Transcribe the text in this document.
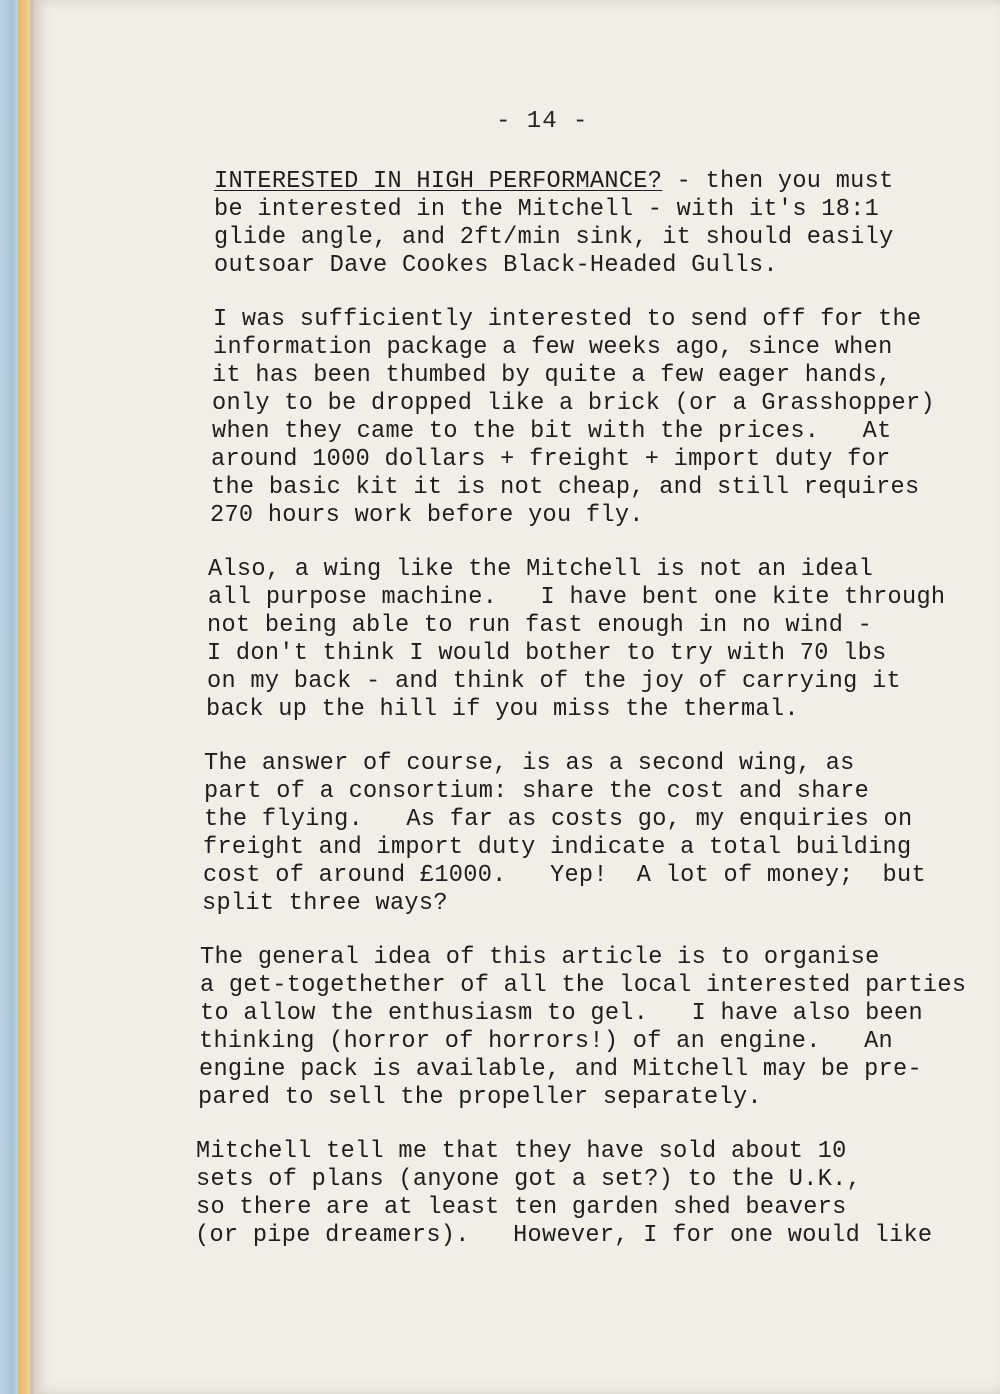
- 14 -
INTERESTED IN HIGH PERFORMANCE? - then you must
be interested in the Mitchell - with it's 18:1
glide angle, and 2ft/min sink, it should easily
outsoar Dave Cookes Black-Headed Gulls.
I was sufficiently interested to send off for the
information package a few weeks ago, since when
it has been thumbed by quite a few eager hands,
only to be dropped like a brick (or a Grasshopper)
when they came to the bit with the prices.   At
around 1000 dollars + freight + import duty for
the basic kit it is not cheap, and still requires
270 hours work before you fly.
Also, a wing like the Mitchell is not an ideal
all purpose machine.   I have bent one kite through
not being able to run fast enough in no wind -
I don't think I would bother to try with 70 lbs
on my back - and think of the joy of carrying it
back up the hill if you miss the thermal.
The answer of course, is as a second wing, as
part of a consortium: share the cost and share
the flying.   As far as costs go, my enquiries on
freight and import duty indicate a total building
cost of around £1000.   Yep!  A lot of money;  but
split three ways?
The general idea of this article is to organise
a get-togethether of all the local interested parties
to allow the enthusiasm to gel.   I have also been
thinking (horror of horrors!) of an engine.   An
engine pack is available, and Mitchell may be pre-
pared to sell the propeller separately.
Mitchell tell me that they have sold about 10
sets of plans (anyone got a set?) to the U.K.,
so there are at least ten garden shed beavers
(or pipe dreamers).   However, I for one would like
